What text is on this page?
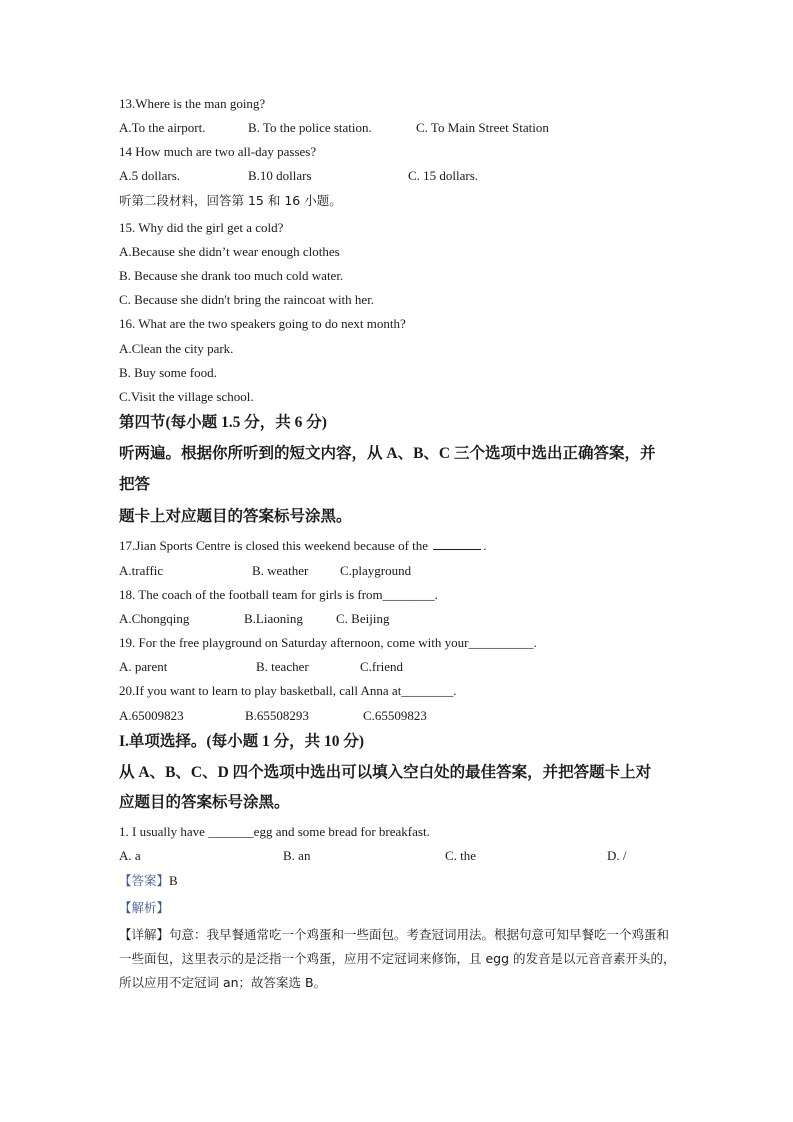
13.Where is the man going?
A.To the airport.	B. To the police station.	C. To Main Street Station
14 How much are two all-day passes?
A.5 dollars.	B.10 dollars	C. 15 dollars.
听第二段材料，回答第 15 和 16 小题。
15. Why did the girl get a cold?
A.Because she didn’t wear enough clothes
B. Because she drank too much cold water.
C. Because she didn't bring the raincoat with her.
16. What are the two speakers going to do next month?
A.Clean the city park.
B. Buy some food.
C.Visit the village school.
第四节(每小题 1.5 分，共 6 分)
听两遍。根据你所听到的短文内容，从 A、B、C 三个选项中选出正确答案，并
把答
题卡上对应题目的答案标号涂黑。
17.Jian Sports Centre is closed this weekend because of the	.
A.traffic	B. weather C.playground
18. The coach of the football team for girls is from________.
A.Chongqing	B.Liaoning	C. Beijing
19. For the free playground on Saturday afternoon, come with your__________.
A. parent	B. teacher	C.friend
20.If you want to learn to play basketball, call Anna at________.
A.65009823	B.65508293	C.65509823
I.单项选择。(每小题 1 分，共 10 分)
从 A、B、C、D 四个选项中选出可以填入空白处的最佳答案，并把答题卡上对
应题目的答案标号涂黑。
1. I usually have _______egg and some bread for breakfast.
A. a	B. an	C. the	D. /
【答案】B
【解析】
【详解】句意：我早餐通常吃一个鸡蛋和一些面包。考查冠词用法。根据句意可知早餐吃一个鸡蛋和一些面包，这里表示的是泛指一个鸡蛋，应用不定冠词来修饰，且 egg 的发音是以元音音素开头的，所以应用不定冠词 an；故答案选 B。
